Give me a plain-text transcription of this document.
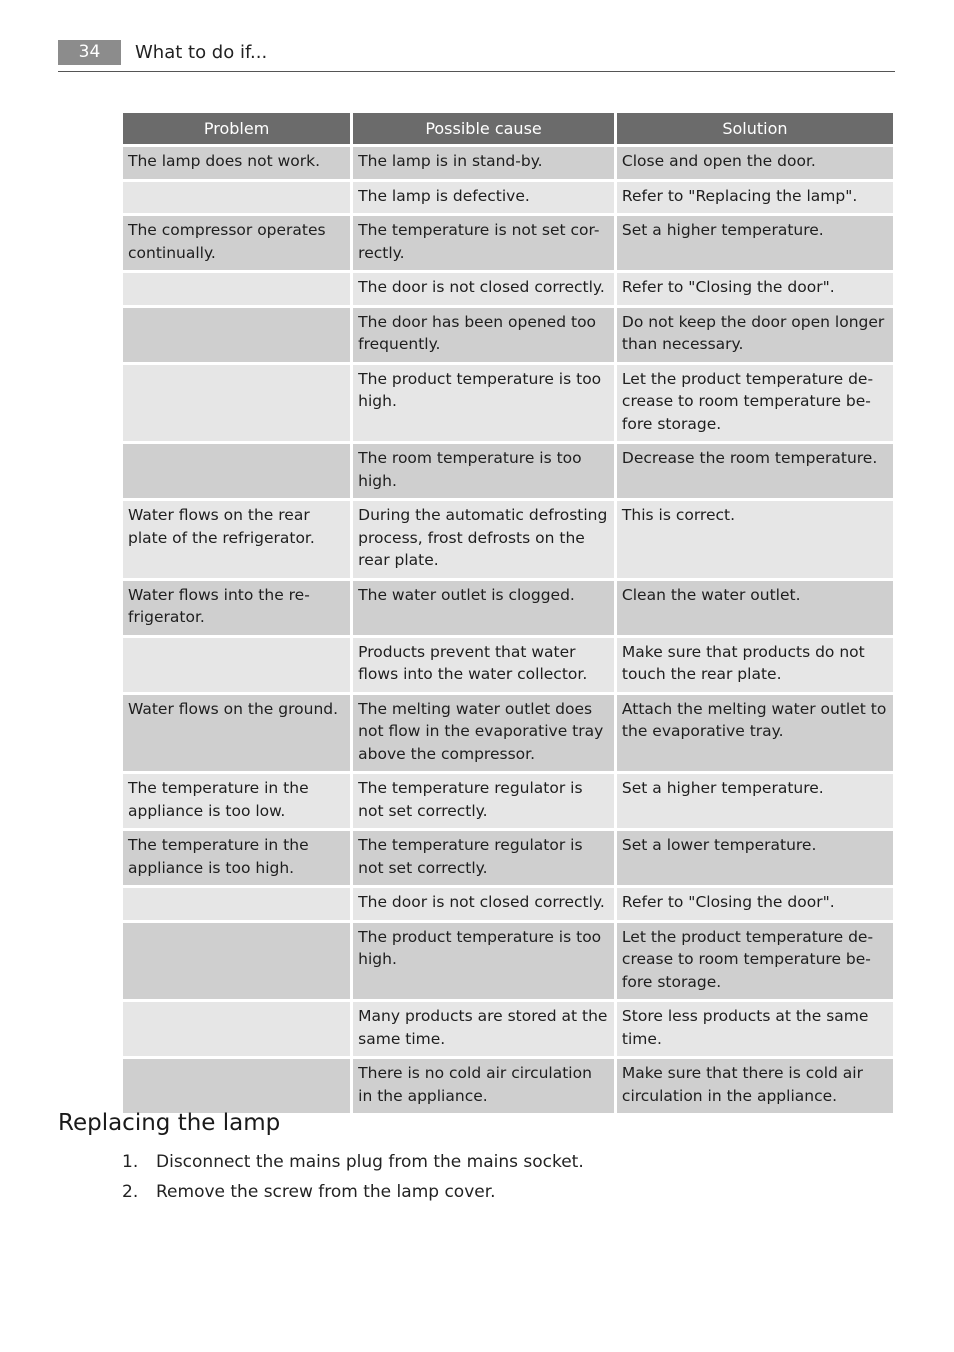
34	What to do if...
Problem	Possible cause	Solution
The lamp does not work.	The lamp is in stand-by.	Close and open the door.
	The lamp is defective.	Refer to "Replacing the lamp".
The compressor operates continually.	The temperature is not set cor-rectly.	Set a higher temperature.
	The door is not closed correctly.	Refer to "Closing the door".
	The door has been opened too frequently.	Do not keep the door open longer than necessary.
	The product temperature is too high.	Let the product temperature de-crease to room temperature be-fore storage.
	The room temperature is too high.	Decrease the room temperature.
Water flows on the rear plate of the refrigerator.	During the automatic defrosting process, frost defrosts on the rear plate.	This is correct.
Water flows into the re-frigerator.	The water outlet is clogged.	Clean the water outlet.
	Products prevent that water flows into the water collector.	Make sure that products do not touch the rear plate.
Water flows on the ground.	The melting water outlet does not flow in the evaporative tray above the compressor.	Attach the melting water outlet to the evaporative tray.
The temperature in the appliance is too low.	The temperature regulator is not set correctly.	Set a higher temperature.
The temperature in the appliance is too high.	The temperature regulator is not set correctly.	Set a lower temperature.
	The door is not closed correctly.	Refer to "Closing the door".
	The product temperature is too high.	Let the product temperature de-crease to room temperature be-fore storage.
	Many products are stored at the same time.	Store less products at the same time.
	There is no cold air circulation in the appliance.	Make sure that there is cold air circulation in the appliance.
Replacing the lamp
1. Disconnect the mains plug from the mains socket.
2. Remove the screw from the lamp cover.
